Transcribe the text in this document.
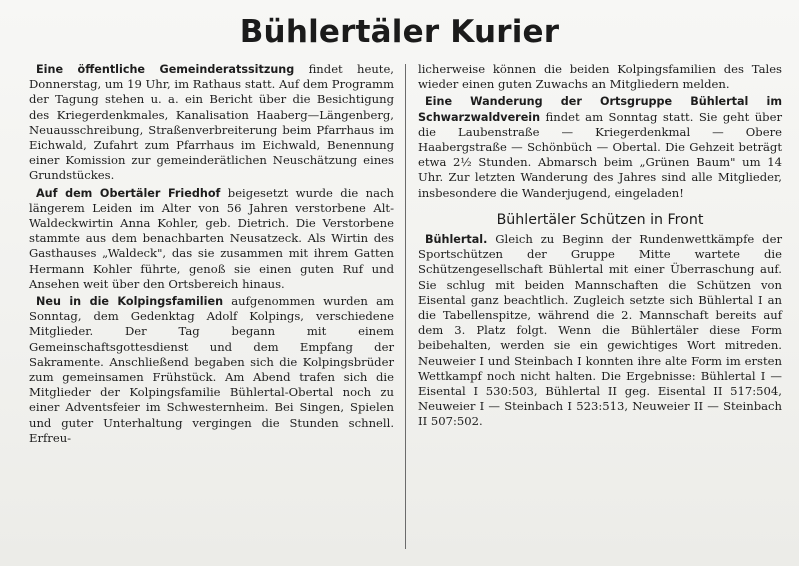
Bühlertäler Kurier

Eine öffentliche Gemeinderatssitzung findet heute, Donnerstag, um 19 Uhr, im Rathaus statt. Auf dem Programm der Tagung stehen u. a. ein Bericht über die Besichtigung des Kriegerdenkmales, Kanalisation Haaberg—Längenberg, Neuausschreibung, Straßenverbreiterung beim Pfarrhaus im Eichwald, Zufahrt zum Pfarrhaus im Eichwald, Benennung einer Komission zur gemeinderätlichen Neuschätzung eines Grundstückes.

Auf dem Obertäler Friedhof beigesetzt wurde die nach längerem Leiden im Alter von 56 Jahren verstorbene Alt-Waldeckwirtin Anna Kohler, geb. Dietrich. Die Verstorbene stammte aus dem benachbarten Neusatzeck. Als Wirtin des Gasthauses „Waldeck", das sie zusammen mit ihrem Gatten Hermann Kohler führte, genoß sie einen guten Ruf und Ansehen weit über den Ortsbereich hinaus.

Neu in die Kolpingsfamilien aufgenommen wurden am Sonntag, dem Gedenktag Adolf Kolpings, verschiedene Mitglieder. Der Tag begann mit einem Gemeinschaftsgottesdienst und dem Empfang der Sakramente. Anschließend begaben sich die Kolpingsbrüder zum gemeinsamen Frühstück. Am Abend trafen sich die Mitglieder der Kolpingsfamilie Bühlertal-Obertal noch zu einer Adventsfeier im Schwesternheim. Bei Singen, Spielen und guter Unterhaltung vergingen die Stunden schnell. Erfreu-

licherweise können die beiden Kolpingsfamilien des Tales wieder einen guten Zuwachs an Mitgliedern melden.

Eine Wanderung der Ortsgruppe Bühlertal im Schwarzwaldverein findet am Sonntag statt. Sie geht über die Laubenstraße — Kriegerdenkmal — Obere Haabergstraße — Schönbüch — Obertal. Die Gehzeit beträgt etwa 2½ Stunden. Abmarsch beim „Grünen Baum" um 14 Uhr. Zur letzten Wanderung des Jahres sind alle Mitglieder, insbesondere die Wanderjugend, eingeladen!

Bühlertäler Schützen in Front

Bühlertal. Gleich zu Beginn der Rundenwettkämpfe der Sportschützen der Gruppe Mitte wartete die Schützengesellschaft Bühlertal mit einer Überraschung auf. Sie schlug mit beiden Mannschaften die Schützen von Eisental ganz beachtlich. Zugleich setzte sich Bühlertal I an die Tabellenspitze, während die 2. Mannschaft bereits auf dem 3. Platz folgt. Wenn die Bühlertäler diese Form beibehalten, werden sie ein gewichtiges Wort mitreden. Neuweier I und Steinbach I konnten ihre alte Form im ersten Wettkampf noch nicht halten. Die Ergebnisse: Bühlertal I — Eisental I 530:503, Bühlertal II geg. Eisental II 517:504, Neuweier I — Steinbach I 523:513, Neuweier II — Steinbach II 507:502.
